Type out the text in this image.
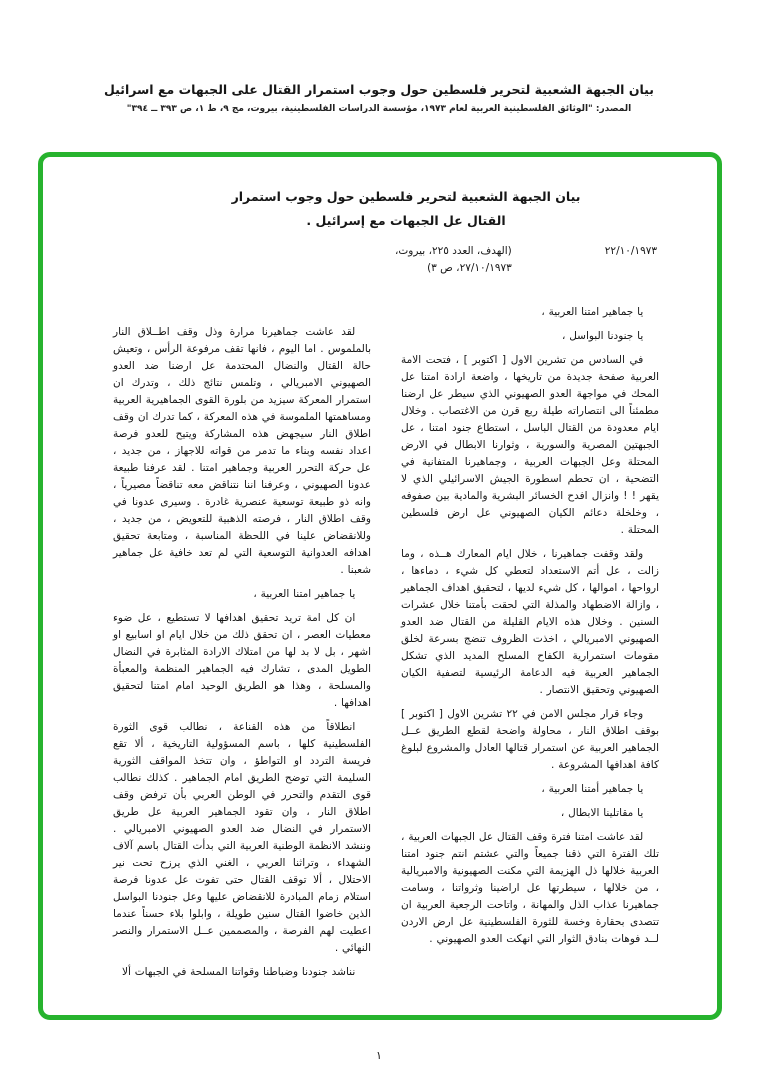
بيان الجبهة الشعبية لتحرير فلسطين حول وجوب استمرار القتال على الجبهات مع اسرائيل
المصدر: "الوثائق الفلسطينية العربية لعام ١٩٧٣، مؤسسة الدراسات الفلسطينية، بيروت، مج ٩، ط ١، ص ٣٩٣ ــ ٣٩٤"
بيان الجبهة الشعبية لتحرير فلسطين حول وجوب استمرار
القتال عل الجبهات مع إسرائيل .
٢٢/١٠/١٩٧٣
(الهدف، العدد ٢٢٥، بيروت،
٢٧/١٠/١٩٧٣، ص ٣)

يا جماهير امتنا العربية ،

يا جنودنا البواسل ،

في السادس من تشرين الاول [ اكتوبر ] ، فتحت الامة العربية صفحة جديدة من تاريخها ، واضعة ارادة امتنا عل المحك في مواجهة العدو الصهيوني الذي سيطر عل ارضنا مطمئناً الى انتصاراته طيلة ربع قرن من الاغتصاب . وخلال ايام معدودة من القتال الباسل ، استطاع جنود امتنا ، عل الجبهتين المصرية والسورية ، وثوارنا الابطال في الارض المحتلة وعل الجبهات العربية ، وجماهيرنا المتفانية في التضحية ، ان تحطم اسطورة الجيش الاسرائيلي الذي لا يقهر ! ! وانزال افدح الخسائر البشرية والمادية بين صفوفه ، وخلخلة دعائم الكيان الصهيوني عل ارض فلسطين المحتلة .

ولقد وقفت جماهيرنا ، خلال ايام المعارك هــذه ، وما زالت ، عل أتم الاستعداد لتعطي كل شيء ، دماءها ، ارواحها ، اموالها ، كل شيء لديها ، لتحقيق اهداف الجماهير ، وازالة الاضطهاد والمذلة التي لحقت بأمتنا خلال عشرات السنين . وخلال هذه الايام القليلة من القتال ضد العدو الصهيوني الامبريالي ، اخذت الظروف تنضج بسرعة لخلق مقومات استمرارية الكفاح المسلح المديد الذي تشكل الجماهير العربية فيه الدعامة الرئيسية لتصفية الكيان الصهيوني وتحقيق الانتصار .

وجاء قرار مجلس الامن في ٢٢ تشرين الاول [ اكتوبر ] بوقف اطلاق النار ، محاولة واضحة لقطع الطريق عــل الجماهير العربية عن استمرار قتالها العادل والمشروع لبلوغ كافة اهدافها المشروعة .

يا جماهير أمتنا العربية ،

يا مقاتلينا الابطال ،

لقد عاشت امتنا فترة وقف القتال عل الجبهات العربية ، تلك الفترة التي ذقنا جميعاً والتي عشتم انتم جنود امتنا العربية خلالها ذل الهزيمة التي مكنت الصهيونية والامبريالية ، من خلالها ، سيطرتها عل اراضينا وثرواتنا ، وسامت جماهيرنا عذاب الذل والمهانة ، واتاحت الرجعية العربية ان تتصدى بحقارة وخسة للثورة الفلسطينية عل ارض الاردن لــد فوهات بنادق الثوار التي انهكت العدو الصهيوني .

لقد عاشت جماهيرنا مرارة وذل وقف اطــلاق النار بالملموس . اما اليوم ، فانها تقف مرفوعة الرأس ، وتعيش حالة القتال والنضال المحتدمة عل ارضنا ضد العدو الصهيوني الامبريالي ، وتلمس نتائج ذلك ، وتدرك ان استمرار المعركة سيزيد من بلورة القوى الجماهيرية العربية ومساهمتها الملموسة في هذه المعركة ، كما تدرك ان وقف اطلاق النار سيجهض هذه المشاركة ويتيح للعدو فرصة اعداد نفسه وبناء ما تدمر من قواته للاجهاز ، من جديد ، عل حركة التحرر العربية وجماهير امتنا . لقد عرفنا طبيعة عدونا الصهيوني ، وعرفنا اننا نتناقض معه تناقضاً مصيرياً ، وانه ذو طبيعة توسعية عنصرية غادرة . وسيرى عدونا في وقف اطلاق النار ، فرصته الذهبية للتعويض ، من جديد ، وللانقضاض علينا في اللحظة المناسبة ، ومتابعة تحقيق اهدافه العدوانية التوسعية التي لم تعد خافية عل جماهير شعبنا .

يا جماهير امتنا العربية ،

ان كل امة تريد تحقيق اهدافها لا تستطيع ، عل ضوء معطيات العصر ، ان تحقق ذلك من خلال ايام او اسابيع او اشهر ، بل لا بد لها من امتلاك الارادة المثابرة في النضال الطويل المدى ، تشارك فيه الجماهير المنظمة والمعبأة والمسلحة ، وهذا هو الطريق الوحيد امام امتنا لتحقيق اهدافها .

انطلاقاً من هذه القناعة ، نطالب قوى الثورة الفلسطينية كلها ، باسم المسؤولية التاريخية ، ألا تقع فريسة التردد او التواطؤ ، وان تتخذ المواقف الثورية السليمة التي توضح الطريق امام الجماهير . كذلك نطالب قوى التقدم والتحرر في الوطن العربي بأن ترفض وقف اطلاق النار ، وان تقود الجماهير العربية عل طريق الاستمرار في النضال ضد العدو الصهيوني الامبريالي . وننشد الانظمة الوطنية العربية التي بدأت القتال باسم آلاف الشهداء ، وتراثنا العربي ، الغني الذي يرزح تحت نير الاحتلال ، ألا توقف القتال حتى تفوت عل عدونا فرصة استلام زمام المبادرة للانقضاض عليها وعل جنودنا البواسل الذين خاضوا القتال سنين طويلة ، وابلوا بلاء حسناً عندما اعطيت لهم الفرصة ، والمصممين عــل الاستمرار والنصر النهائي .

نناشد جنودنا وضباطنا وقواتنا المسلحة في الجبهات ألا

١
